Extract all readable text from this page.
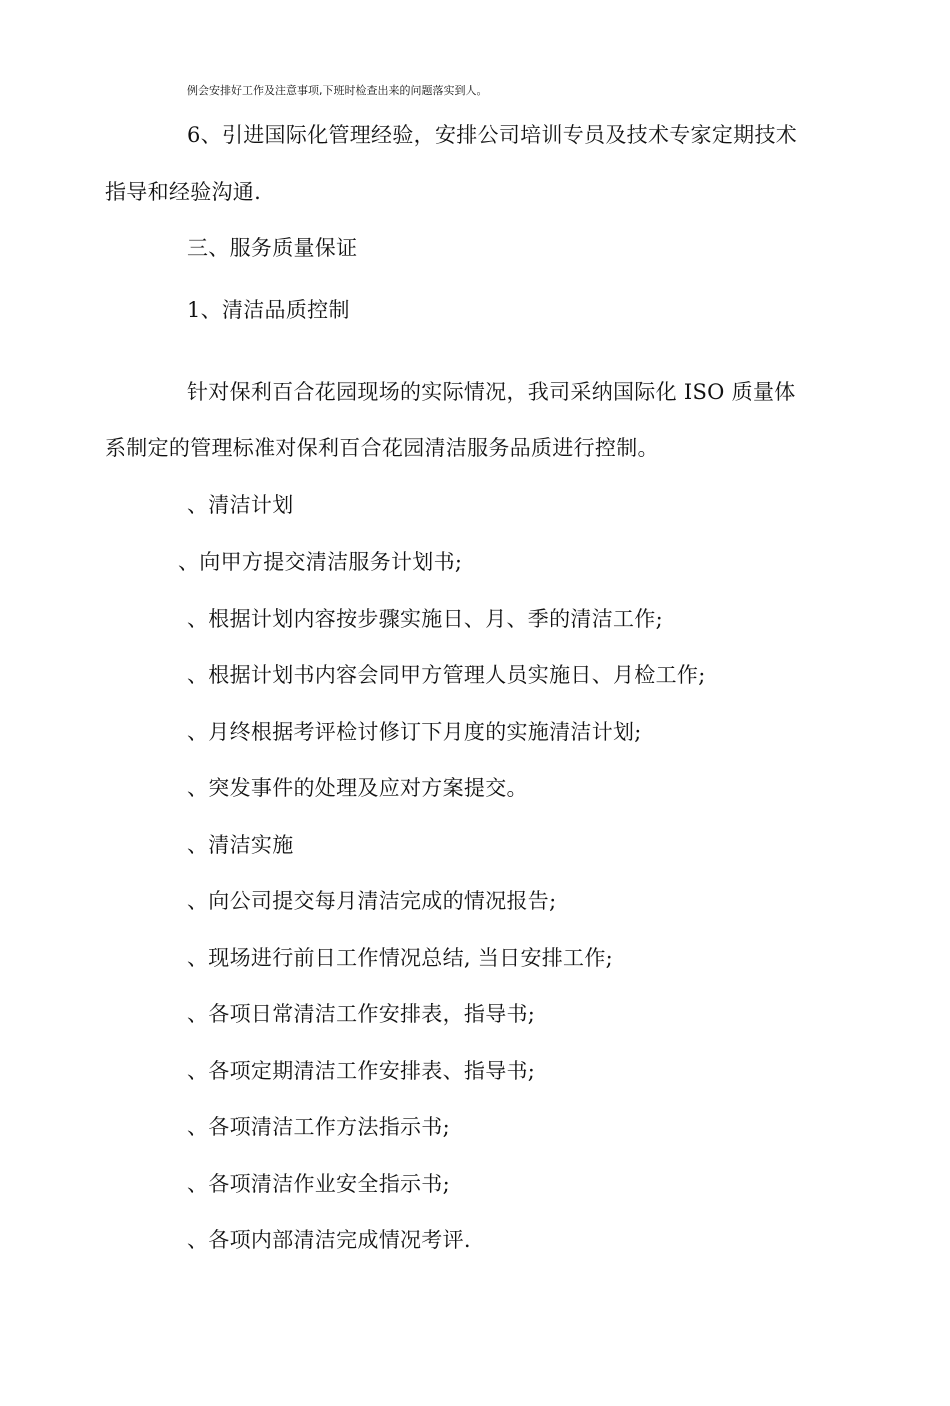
例会安排好工作及注意事项,下班时检查出来的问题落实到人。
6、引进国际化管理经验，安排公司培训专员及技术专家定期技术
指导和经验沟通.
三、服务质量保证
1、清洁品质控制
针对保利百合花园现场的实际情况，我司采纳国际化 ISO 质量体
系制定的管理标准对保利百合花园清洁服务品质进行控制。
、清洁计划
、向甲方提交清洁服务计划书;
、根据计划内容按步骤实施日、月、季的清洁工作;
、根据计划书内容会同甲方管理人员实施日、月检工作;
、月终根据考评检讨修订下月度的实施清洁计划;
、突发事件的处理及应对方案提交。
、清洁实施
、向公司提交每月清洁完成的情况报告;
、现场进行前日工作情况总结, 当日安排工作;
、各项日常清洁工作安排表，指导书;
、各项定期清洁工作安排表、指导书;
、各项清洁工作方法指示书;
、各项清洁作业安全指示书;
、各项内部清洁完成情况考评.
